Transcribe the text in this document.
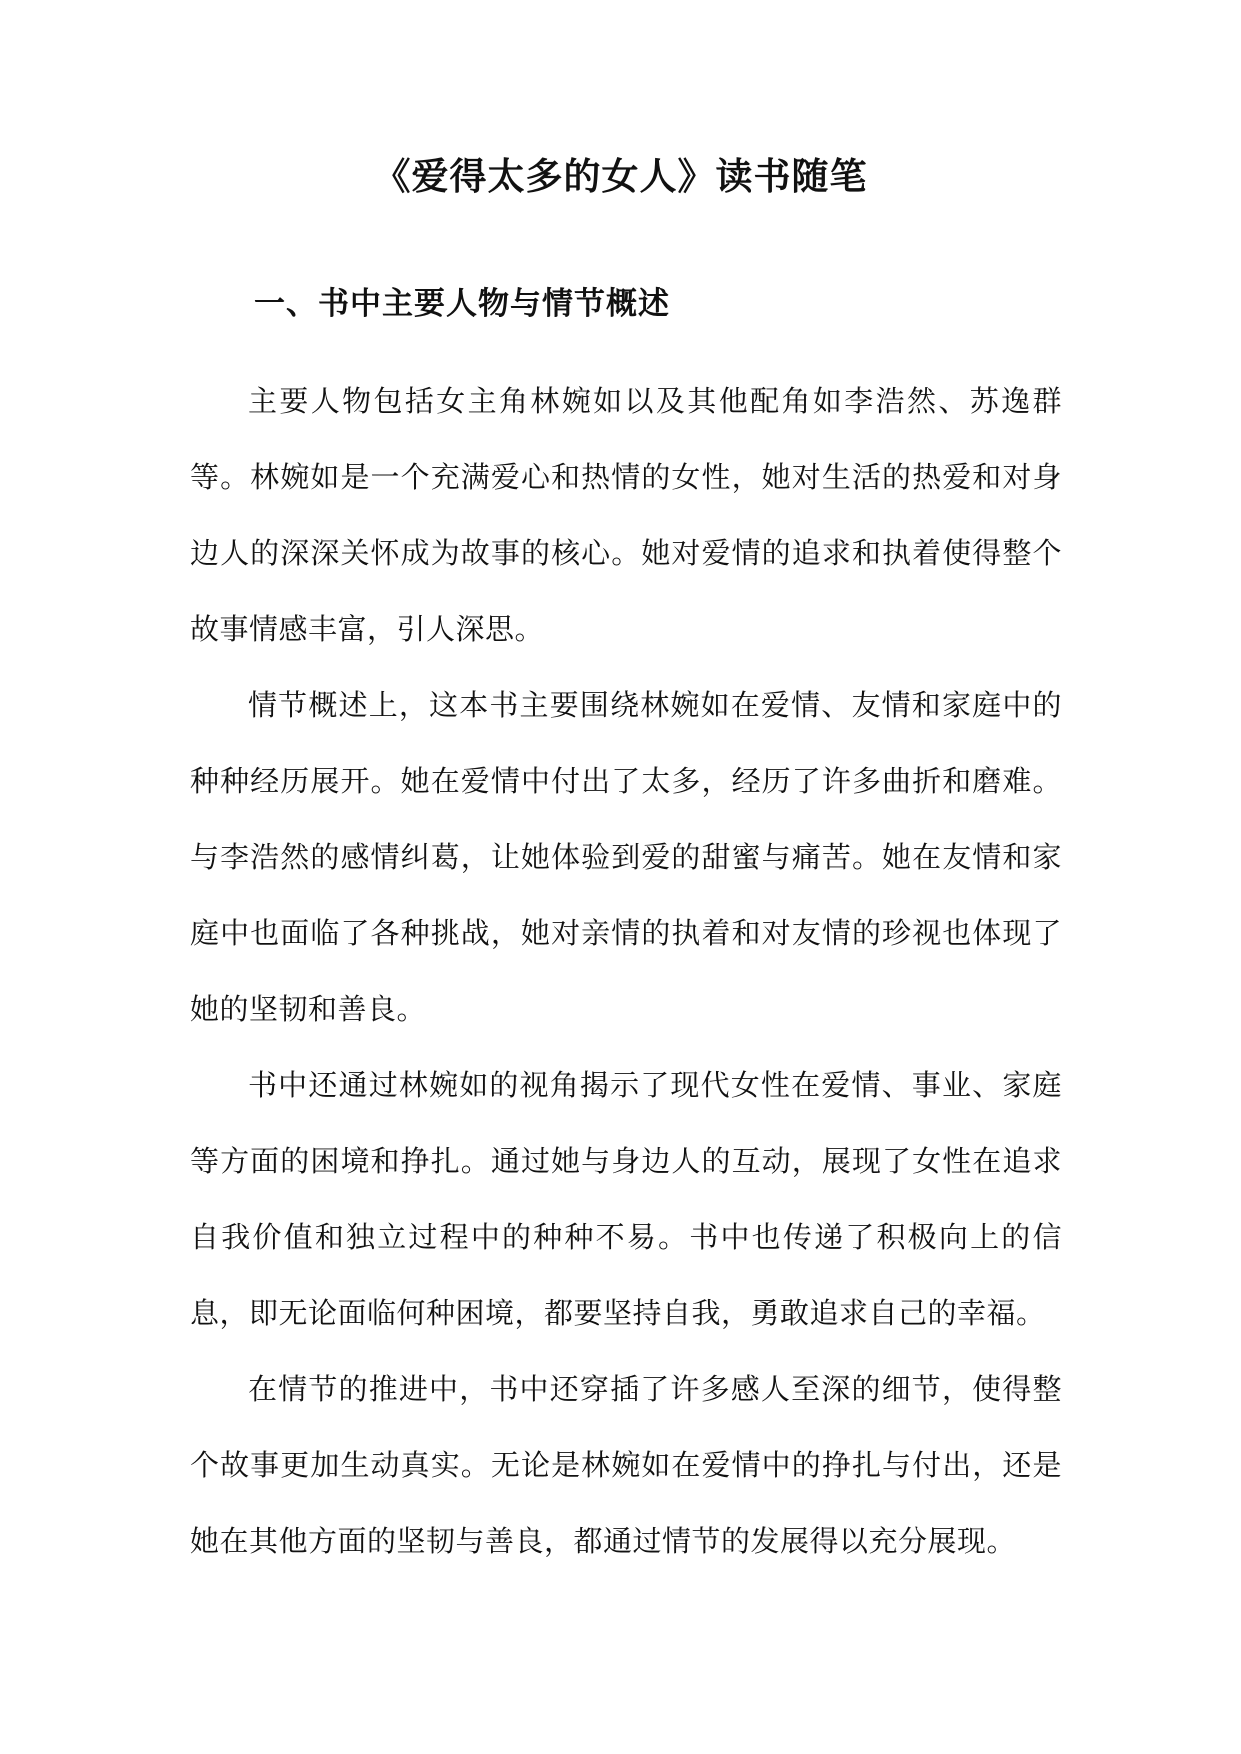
《爱得太多的女人》读书随笔
一、书中主要人物与情节概述

主要人物包括女主角林婉如以及其他配角如李浩然、苏逸群等。林婉如是一个充满爱心和热情的女性，她对生活的热爱和对身边人的深深关怀成为故事的核心。她对爱情的追求和执着使得整个故事情感丰富，引人深思。

情节概述上，这本书主要围绕林婉如在爱情、友情和家庭中的种种经历展开。她在爱情中付出了太多，经历了许多曲折和磨难。与李浩然的感情纠葛，让她体验到爱的甜蜜与痛苦。她在友情和家庭中也面临了各种挑战，她对亲情的执着和对友情的珍视也体现了她的坚韧和善良。

书中还通过林婉如的视角揭示了现代女性在爱情、事业、家庭等方面的困境和挣扎。通过她与身边人的互动，展现了女性在追求自我价值和独立过程中的种种不易。书中也传递了积极向上的信息，即无论面临何种困境，都要坚持自我，勇敢追求自己的幸福。

在情节的推进中，书中还穿插了许多感人至深的细节，使得整个故事更加生动真实。无论是林婉如在爱情中的挣扎与付出，还是她在其他方面的坚韧与善良，都通过情节的发展得以充分展现。
